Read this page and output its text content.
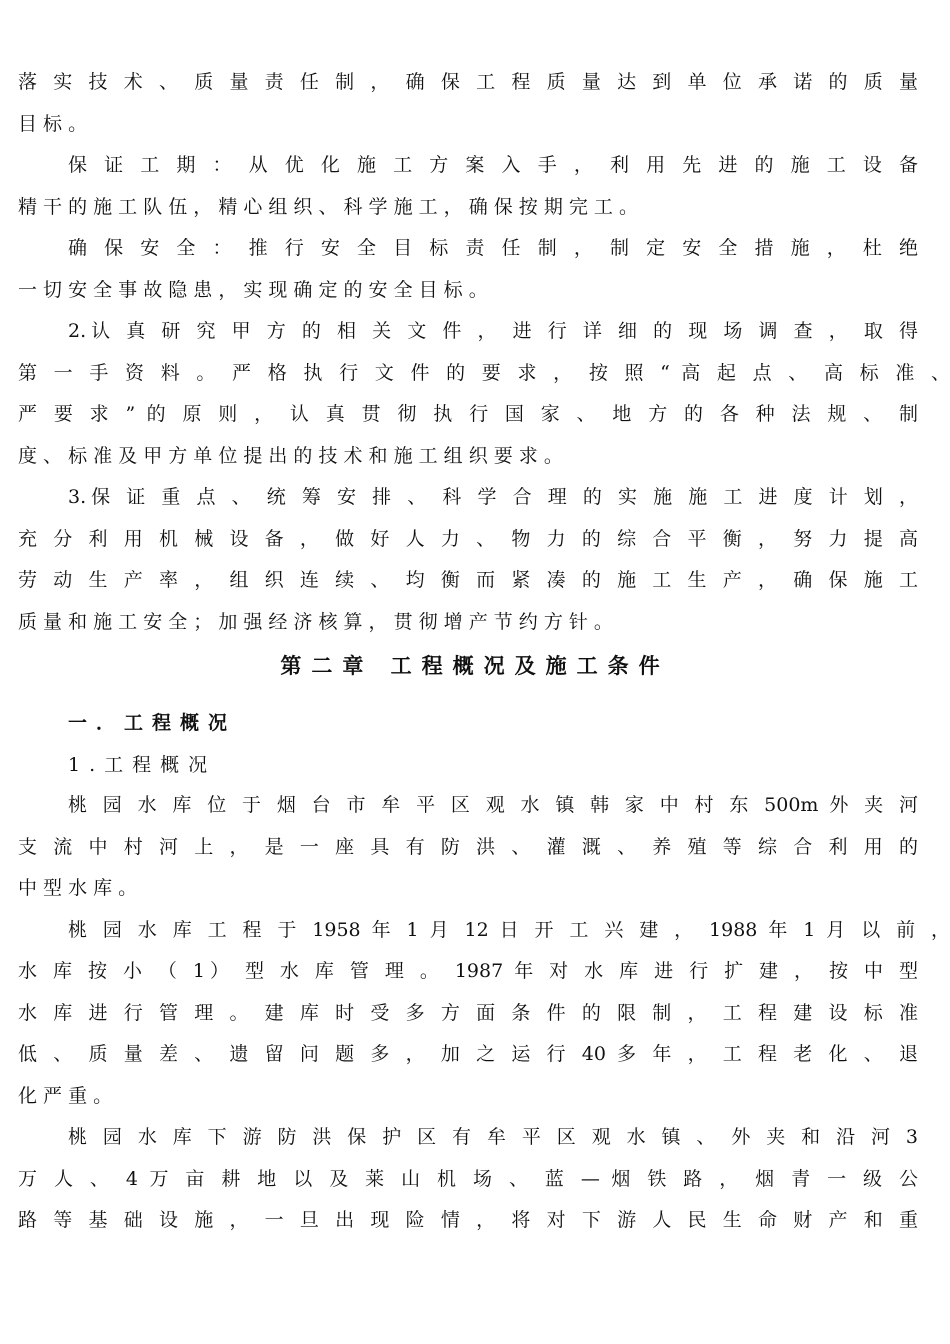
落 实 技 术 、 质 量 责 任 制 ， 确 保 工 程 质 量 达 到 单 位 承 诺 的 质 量
目 标 。
保 证 工 期 ： 从 优 化 施 工 方 案 入 手 ， 利 用 先 进 的 施 工 设 备
精 干 的 施 工 队 伍 ， 精 心 组 织 、 科 学 施 工 ， 确 保 按 期 完 工 。
确 保 安 全 ： 推 行 安 全 目 标 责 任 制 ， 制 定 安 全 措 施 ， 杜 绝
一 切 安 全 事 故 隐 患 ， 实 现 确 定 的 安 全 目 标 。
2.认 真 研 究 甲 方 的 相 关 文 件 ， 进 行 详 细 的 现 场 调 查 ， 取 得
第 一 手 资 料 。 严 格 执 行 文 件 的 要 求 ， 按 照 “ 高 起 点 、 高 标 准 、
严 要 求 ” 的 原 则 ， 认 真 贯 彻 执 行 国 家 、 地 方 的 各 种 法 规 、 制
度 、 标 准 及 甲 方 单 位 提 出 的 技 术 和 施 工 组 织 要 求 。
3.保 证 重 点 、 统 筹 安 排 、 科 学 合 理 的 实 施 施 工 进 度 计 划 ，
充 分 利 用 机 械 设 备 ， 做 好 人 力 、 物 力 的 综 合 平 衡 ， 努 力 提 高
劳 动 生 产 率 ， 组 织 连 续 、 均 衡 而 紧 凑 的 施 工 生 产 ， 确 保 施 工
质 量 和 施 工 安 全 ； 加 强 经 济 核 算 ， 贯 彻 增 产 节 约 方 针 。
第二章 工程概况及施工条件
一．工程概况
1.工程概况
桃 园 水 库 位 于 烟 台 市 牟 平 区 观 水 镇 韩 家 中 村 东 500m 外 夹 河
支 流 中 村 河 上 ， 是 一 座 具 有 防 洪 、 灌 溉 、 养 殖 等 综 合 利 用 的
中 型 水 库 。
桃 园 水 库 工 程 于 1958 年 1 月 12 日 开 工 兴 建 ， 1988 年 1 月 以 前 ，
水 库 按 小 （ 1） 型 水 库 管 理 。 1987 年 对 水 库 进 行 扩 建 ， 按 中 型
水 库 进 行 管 理 。 建 库 时 受 多 方 面 条 件 的 限 制 ， 工 程 建 设 标 准
低 、 质 量 差 、 遗 留 问 题 多 ， 加 之 运 行 40 多 年 ， 工 程 老 化 、 退
化 严 重 。
桃 园 水 库 下 游 防 洪 保 护 区 有 牟 平 区 观 水 镇 、 外 夹 和 沿 河 3
万 人 、 4 万 亩 耕 地 以 及 莱 山 机 场 、 蓝 — 烟 铁 路 ， 烟 青 一 级 公
路 等 基 础 设 施 ， 一 旦 出 现 险 情 ， 将 对 下 游 人 民 生 命 财 产 和 重
